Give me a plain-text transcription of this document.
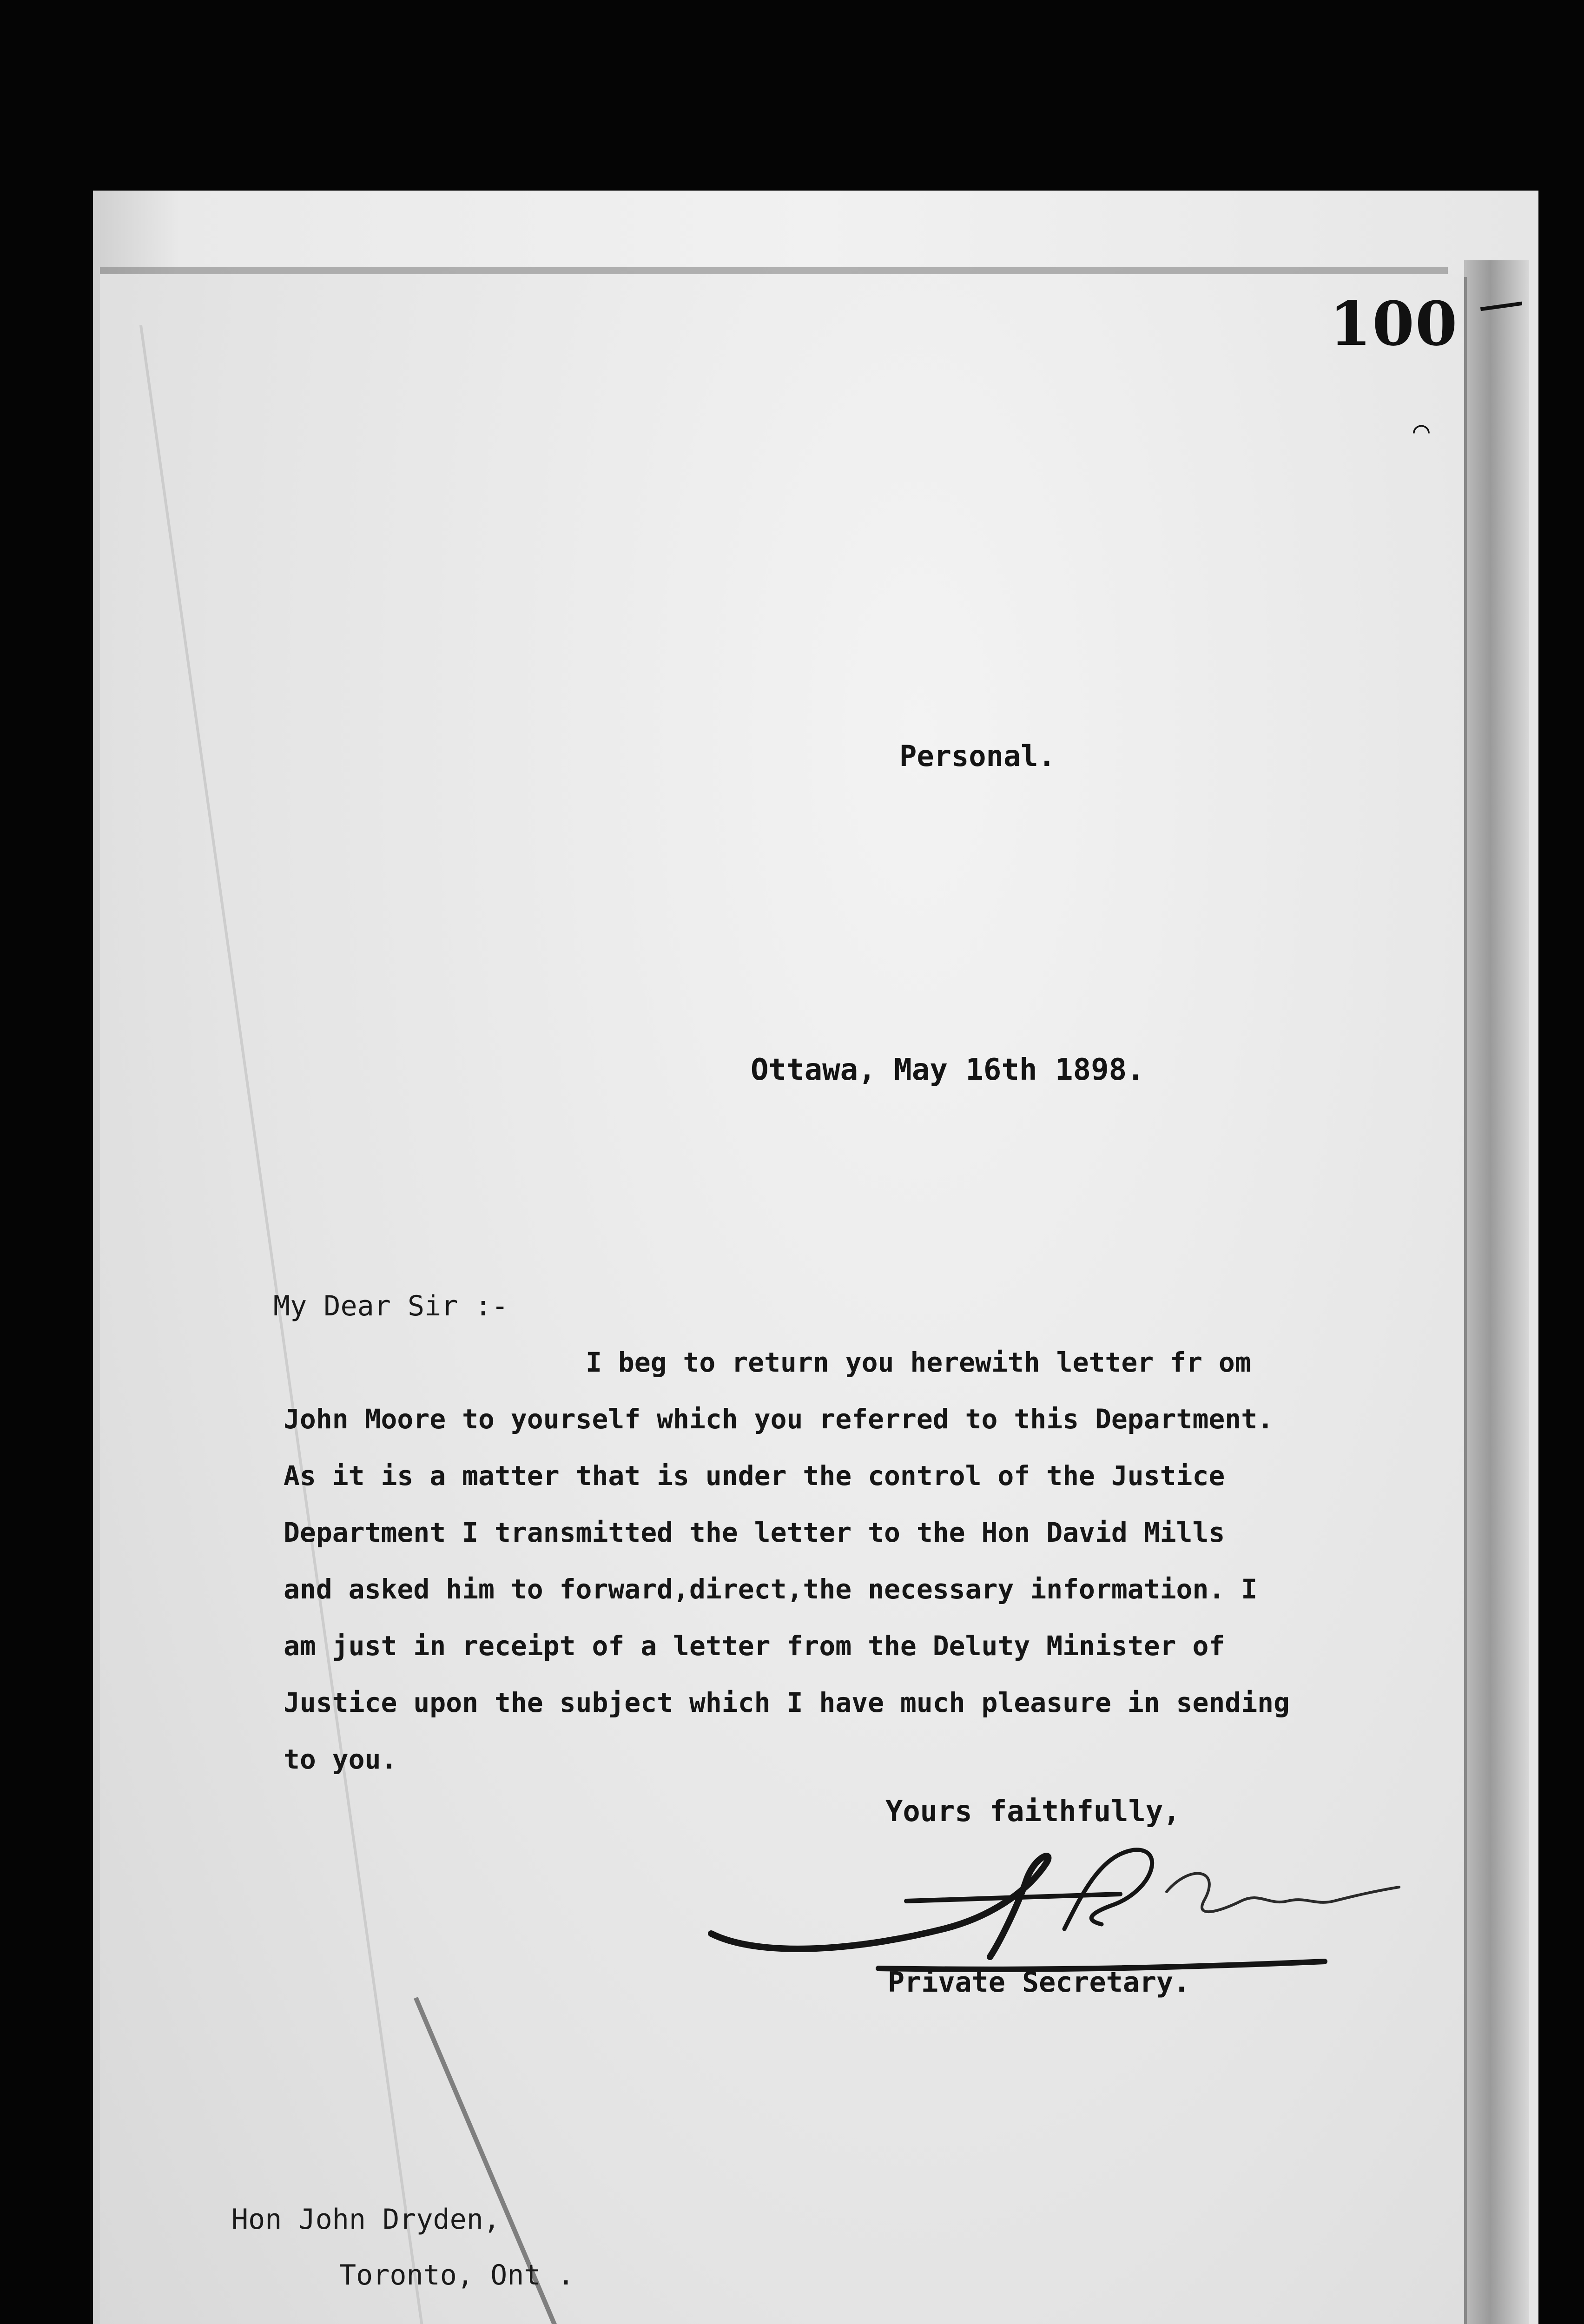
100
⌒
Personal.
Ottawa, May 16th 1898.
My Dear Sir :-
I beg to return you herewith letter fr om
John Moore to yourself which you referred to this Department.
As it is a matter that is under the control of the Justice
Department I transmitted the letter to the Hon David Mills
and asked him to forward,direct,the necessary information. I
am just in receipt of a letter from the Deluty Minister of
Justice upon the subject which I have much pleasure in sending
to you.
Yours faithfully,
Private Secretary.
Hon John Dryden,
Toronto, Ont .
